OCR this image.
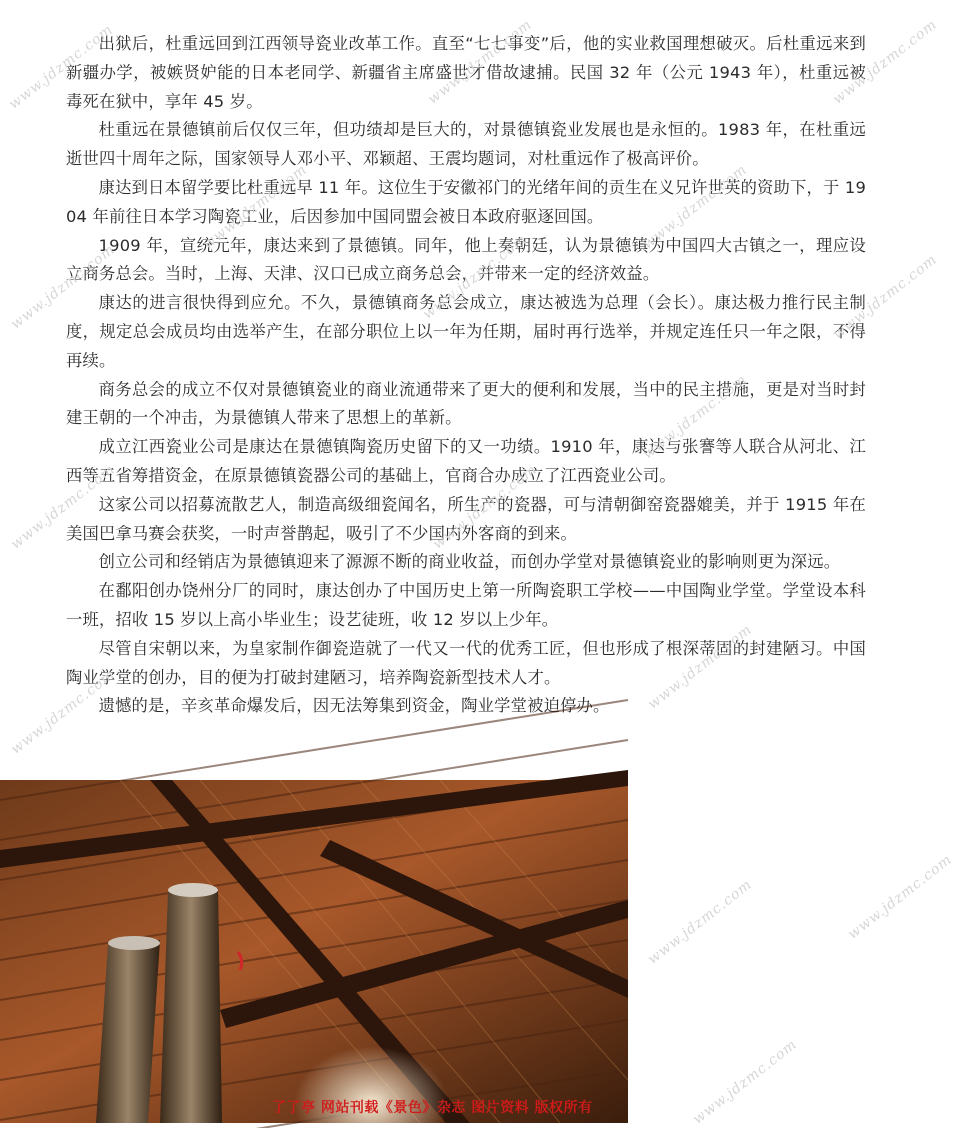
出狱后，杜重远回到江西领导瓷业改革工作。直至“七七事变”后，他的实业救国理想破灭。后杜重远来到新疆办学，被嫉贤妒能的日本老同学、新疆省主席盛世才借故逮捕。民国 32 年（公元 1943 年），杜重远被毒死在狱中，享年 45 岁。

杜重远在景德镇前后仅仅三年，但功绩却是巨大的，对景德镇瓷业发展也是永恒的。1983 年，在杜重远逝世四十周年之际，国家领导人邓小平、邓颖超、王震均题词，对杜重远作了极高评价。

康达到日本留学要比杜重远早 11 年。这位生于安徽祁门的光绪年间的贡生在义兄许世英的资助下，于 1904 年前往日本学习陶瓷工业，后因参加中国同盟会被日本政府驱逐回国。

1909 年，宣统元年，康达来到了景德镇。同年，他上奏朝廷，认为景德镇为中国四大古镇之一，理应设立商务总会。当时，上海、天津、汉口已成立商务总会，并带来一定的经济效益。

康达的进言很快得到应允。不久，景德镇商务总会成立，康达被选为总理（会长）。康达极力推行民主制度，规定总会成员均由选举产生，在部分职位上以一年为任期，届时再行选举，并规定连任只一年之限，不得再续。

商务总会的成立不仅对景德镇瓷业的商业流通带来了更大的便利和发展，当中的民主措施，更是对当时封建王朝的一个冲击，为景德镇人带来了思想上的革新。

成立江西瓷业公司是康达在景德镇陶瓷历史留下的又一功绩。1910 年，康达与张謇等人联合从河北、江西等五省筹措资金，在原景德镇瓷器公司的基础上，官商合办成立了江西瓷业公司。

这家公司以招募流散艺人，制造高级细瓷闻名，所生产的瓷器，可与清朝御窑瓷器媲美，并于 1915 年在美国巴拿马赛会获奖，一时声誉鹊起，吸引了不少国内外客商的到来。

创立公司和经销店为景德镇迎来了源源不断的商业收益，而创办学堂对景德镇瓷业的影响则更为深远。

在鄱阳创办饶州分厂的同时，康达创办了中国历史上第一所陶瓷职工学校——中国陶业学堂。学堂设本科一班，招收 15 岁以上高小毕业生；设艺徒班，收 12 岁以上少年。

尽管自宋朝以来，为皇家制作御瓷造就了一代又一代的优秀工匠，但也形成了根深蒂固的封建陋习。中国陶业学堂的创办，目的便为打破封建陋习，培养陶瓷新型技术人才。

遗憾的是，辛亥革命爆发后，因无法筹集到资金，陶业学堂被迫停办。

www.jdzmc.com
www.jdzmc.com
www.jdzmc.com
www.jdzmc.com
www.jdzmc.com
www.jdzmc.com
www.jdzmc.com
www.jdzmc.com
www.jdzmc.com
www.jdzmc.com
www.jdzmc.com
www.jdzmc.com
www.jdzmc.com
www.jdzmc.com	www.jdzmc.com
www.jdzmc.com
了了亭 网站刊载《景色》杂志 图片资料 版权所有
